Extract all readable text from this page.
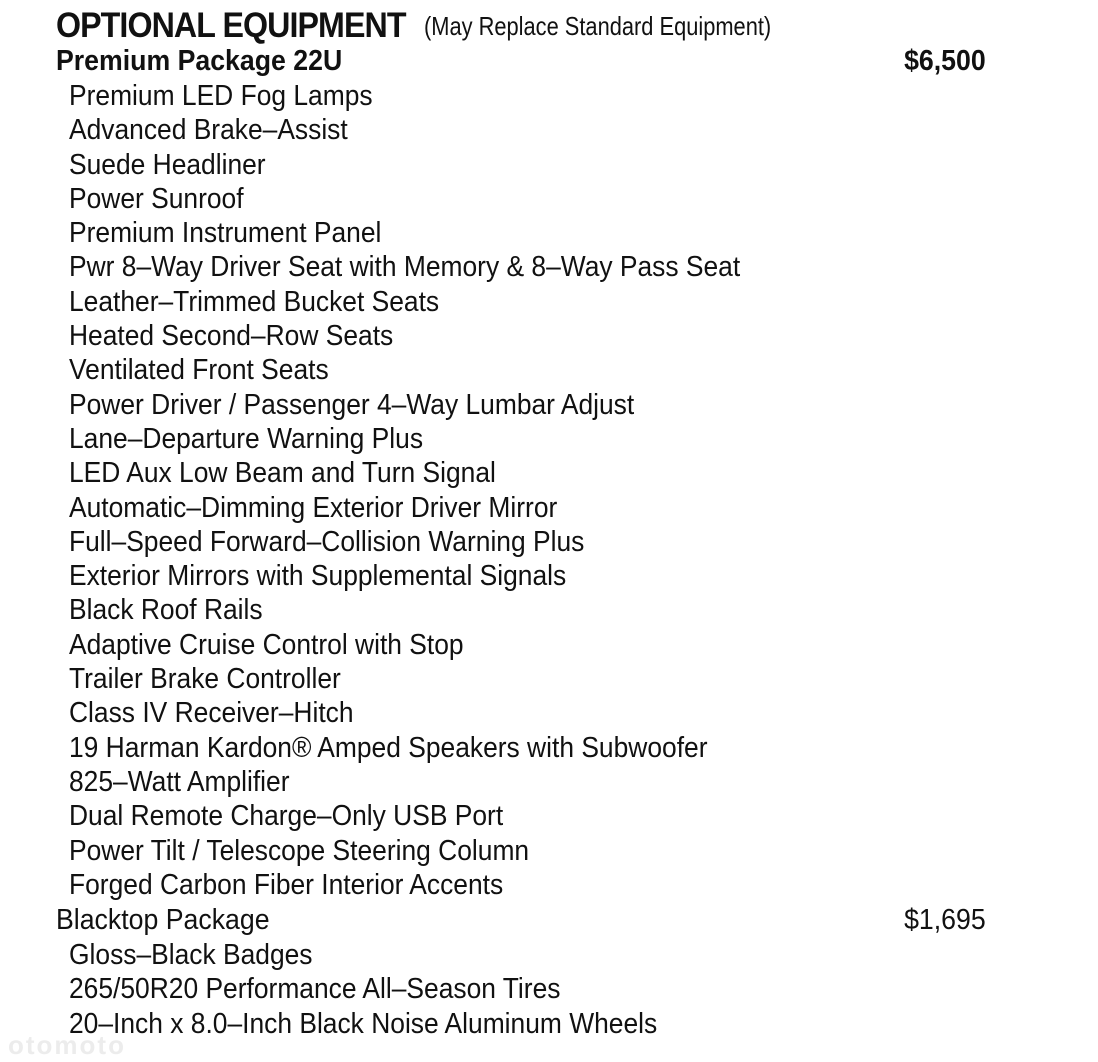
OPTIONAL EQUIPMENT (May Replace Standard Equipment)
Premium Package 22U	$6,500
Premium LED Fog Lamps
Advanced Brake–Assist
Suede Headliner
Power Sunroof
Premium Instrument Panel
Pwr 8–Way Driver Seat with Memory & 8–Way Pass Seat
Leather–Trimmed Bucket Seats
Heated Second–Row Seats
Ventilated Front Seats
Power Driver / Passenger 4–Way Lumbar Adjust
Lane–Departure Warning Plus
LED Aux Low Beam and Turn Signal
Automatic–Dimming Exterior Driver Mirror
Full–Speed Forward–Collision Warning Plus
Exterior Mirrors with Supplemental Signals
Black Roof Rails
Adaptive Cruise Control with Stop
Trailer Brake Controller
Class IV Receiver–Hitch
19 Harman Kardon® Amped Speakers with Subwoofer
825–Watt Amplifier
Dual Remote Charge–Only USB Port
Power Tilt / Telescope Steering Column
Forged Carbon Fiber Interior Accents
Blacktop Package	$1,695
Gloss–Black Badges
265/50R20 Performance All–Season Tires
20–Inch x 8.0–Inch Black Noise Aluminum Wheels
otomoto
